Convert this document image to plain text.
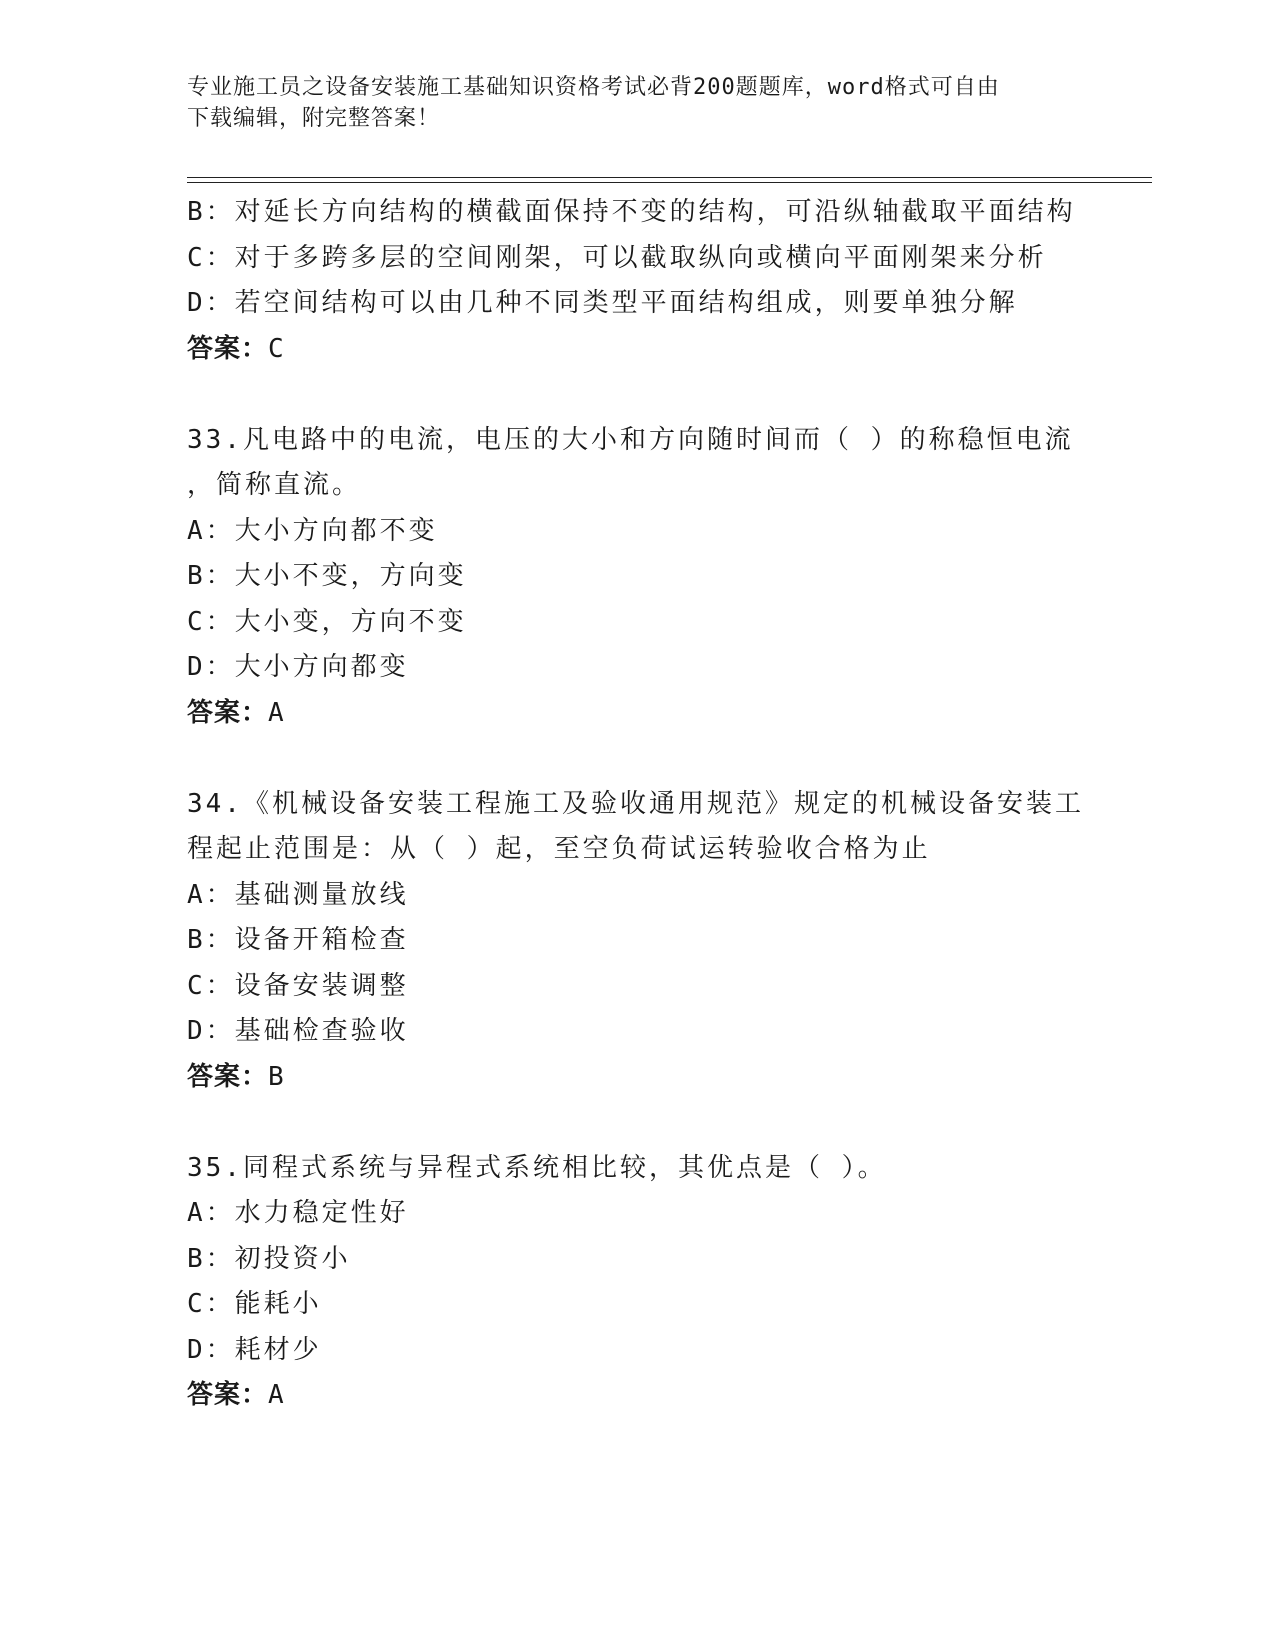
专业施工员之设备安装施工基础知识资格考试必背200题题库，word格式可自由
下载编辑，附完整答案！
B：对延长方向结构的横截面保持不变的结构，可沿纵轴截取平面结构
C：对于多跨多层的空间刚架，可以截取纵向或横向平面刚架来分析
D：若空间结构可以由几种不同类型平面结构组成，则要单独分解
答案：C
33.凡电路中的电流，电压的大小和方向随时间而（ ）的称稳恒电流
，简称直流。
A：大小方向都不变
B：大小不变，方向变
C：大小变，方向不变
D：大小方向都变
答案：A
34.《机械设备安装工程施工及验收通用规范》规定的机械设备安装工
程起止范围是：从（ ）起，至空负荷试运转验收合格为止
A：基础测量放线
B：设备开箱检查
C：设备安装调整
D：基础检查验收
答案：B
35.同程式系统与异程式系统相比较，其优点是（ ）。
A：水力稳定性好
B：初投资小
C：能耗小
D：耗材少
答案：A
